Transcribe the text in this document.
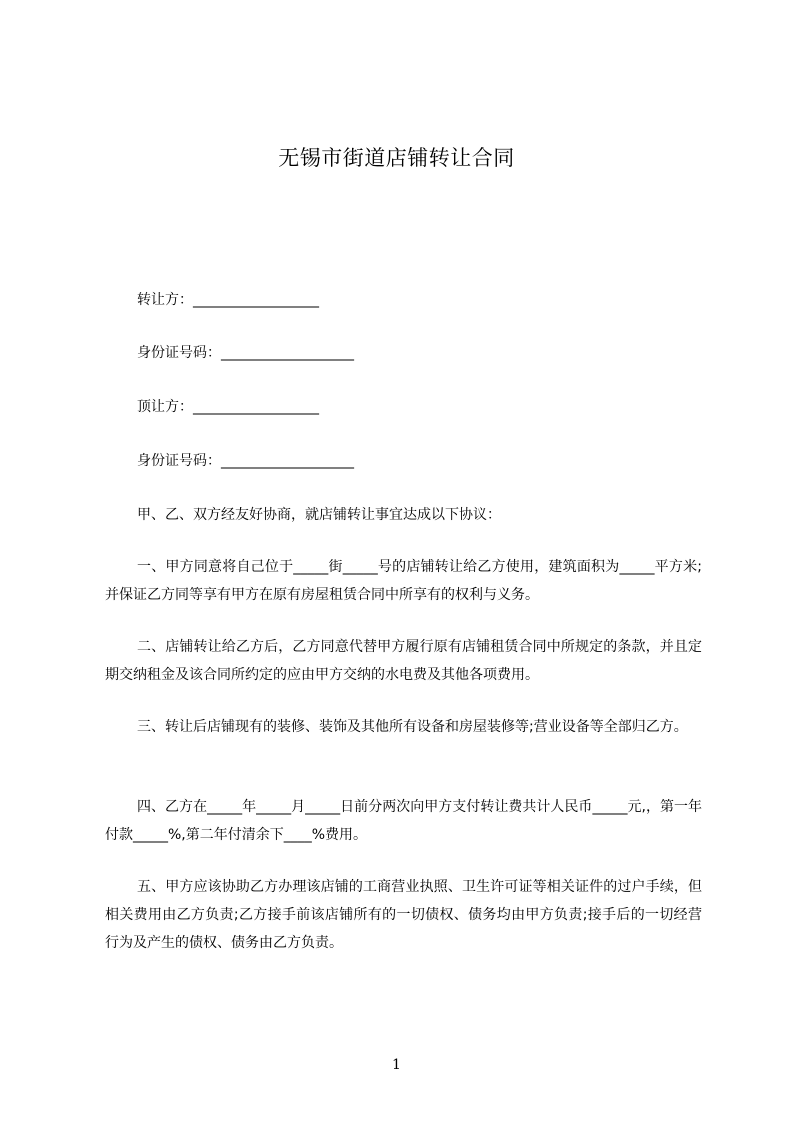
无锡市街道店铺转让合同
转让方：__________________
身份证号码：___________________
顶让方：__________________
身份证号码：___________________
甲、乙、双方经友好协商，就店铺转让事宜达成以下协议：

一、甲方同意将自己位于_____街_____号的店铺转让给乙方使用，建筑面积为_____平方米;并保证乙方同等享有甲方在原有房屋租赁合同中所享有的权利与义务。

二、店铺转让给乙方后，乙方同意代替甲方履行原有店铺租赁合同中所规定的条款，并且定期交纳租金及该合同所约定的应由甲方交纳的水电费及其他各项费用。

三、转让后店铺现有的装修、装饰及其他所有设备和房屋装修等;营业设备等全部归乙方。

四、乙方在_____年_____月_____日前分两次向甲方支付转让费共计人民币_____元,，第一年付款_____%,第二年付清余下____%费用。

五、甲方应该协助乙方办理该店铺的工商营业执照、卫生许可证等相关证件的过户手续，但相关费用由乙方负责;乙方接手前该店铺所有的一切债权、债务均由甲方负责;接手后的一切经营行为及产生的债权、债务由乙方负责。

1
